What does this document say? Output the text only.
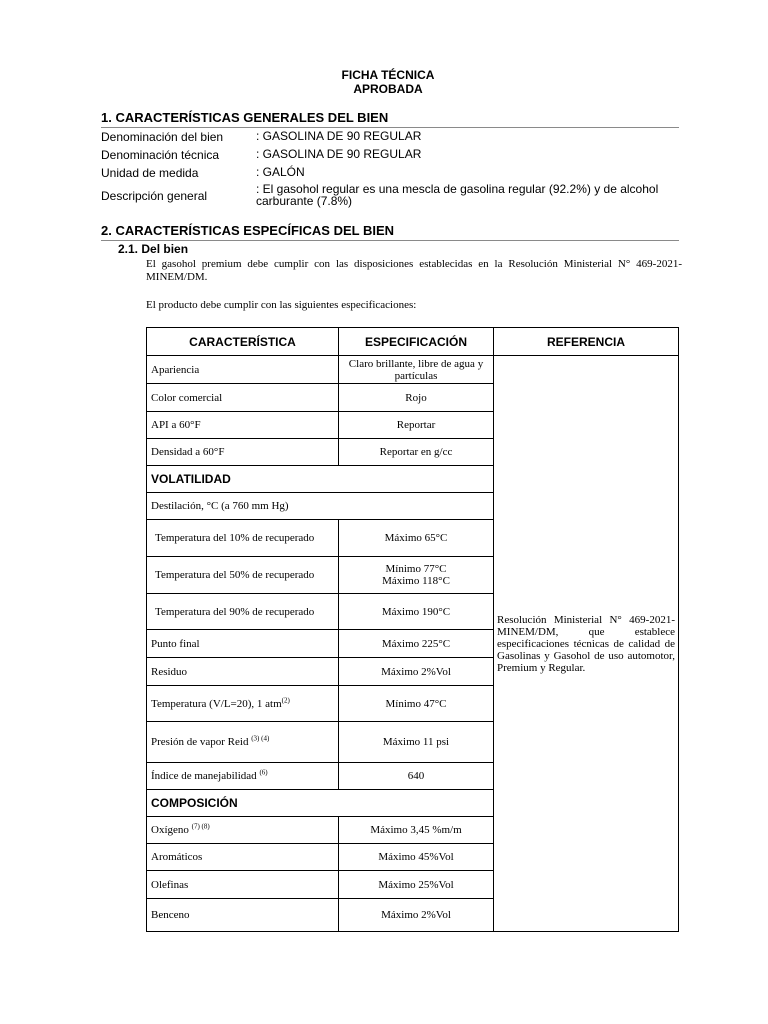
FICHA TÉCNICA
APROBADA
1. CARACTERÍSTICAS GENERALES DEL BIEN
Denominación del bien	: GASOLINA DE 90 REGULAR
Denominación técnica	: GASOLINA DE 90 REGULAR
Unidad de medida	: GALÓN
Descripción general	: El gasohol regular es una mescla de gasolina regular (92.2%) y de alcohol carburante (7.8%)
2. CARACTERÍSTICAS ESPECÍFICAS DEL BIEN
2.1. Del bien
El gasohol premium debe cumplir con las disposiciones establecidas en la Resolución Ministerial N° 469-2021-MINEM/DM.
El producto debe cumplir con las siguientes especificaciones:
CARACTERÍSTICA	ESPECIFICACIÓN	REFERENCIA
Apariencia	Claro brillante, libre de agua y partículas	Resolución Ministerial N° 469-2021-MINEM/DM, que establece especificaciones técnicas de calidad de Gasolinas y Gasohol de uso automotor, Premium y Regular.
Color comercial	Rojo	
API a 60°F	Reportar	
Densidad a 60°F	Reportar en g/cc	
VOLATILIDAD		
Destilación, °C (a 760 mm Hg)		
Temperatura del 10% de recuperado	Máximo 65°C	
Temperatura del 50% de recuperado	Mínimo 77°C
Máximo 118°C	

Temperatura del 90% de recuperado	Máximo 190°C	
Punto final	Máximo 225°C	
Residuo	Máximo 2%Vol	
Temperatura (V/L=20), 1 atm$^{(2)}$	Mínimo 47°C	
Presión de vapor Reid $^{(3) (4)}$	Máximo 11 psi	
Índice de manejabilidad $^{(6)}$	640	
COMPOSICIÓN		
Oxígeno $^{(7) (8)}$	Máximo 3,45 %m/m	
Aromáticos	Máximo 45%Vol	
Olefinas	Máximo 25%Vol	
Benceno	Máximo 2%Vol	
